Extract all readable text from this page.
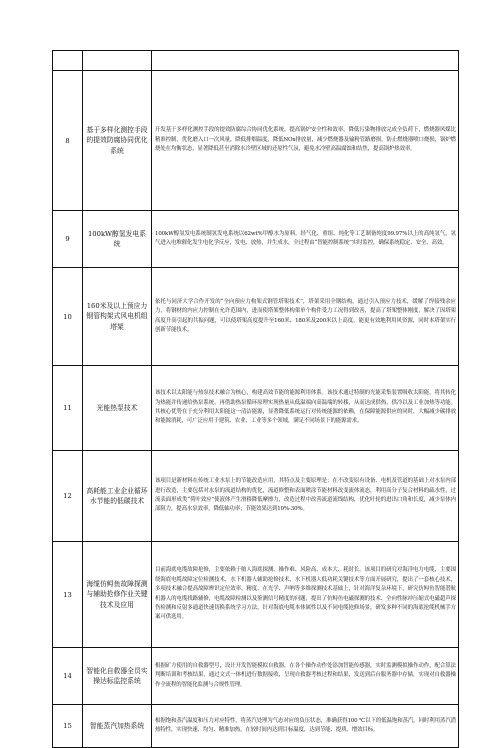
8	基于多样化测控手段的提效防腐协同优化系统	开发基于多样化测控手段的提效防腐综合协同优化系统，提高锅炉安全性和效率，降低污染物排放完成全负荷下，燃烧器风煤比精准控制，优化磨入口一次风量，降低排烟温度，降低NOx排放量，减少燃烧器及输粉管路磨损，防止燃烧器喷口烧损，锅炉燃烧处在均衡状态，显著降低甚至消除水冷壁区域的还原性气氛，避免水冷壁高温腐蚀和结焦，提高锅炉热效率。
9	100kW醇氢发电系统	100kW醇氢发电系统制氢发电系统以62wt%甲醇水为原料，经气化、重组、纯化等工艺制备纯度99.97%以上的高纯氢气，氢气进入电堆催化发生电化学反应，发电、放热，并生成水，全过程由“智能控制系统”实时监控，确保系统稳定、安全、高效。
10	160米及以上预应力钢管构架式风电机组塔架	依托与同济大学合作开发的“全向预应力构架式钢管塔架技术”，塔架采用全钢结构，通过引入预应力技术，缓解了焊接残余应力，将钢材的内应力控制在允许范围内，进而使塔架整体构架单个构件受力工况得到改善，提高了塔架整体刚度，解决了因塔架高度升高引起的共振问题，可以使塔架高度提升至160米、180米及200米以上高度，能更有效地利用风资源，同时本塔架实行创新节能技术。
11	光能热泵技术	该技术以太阳能与热泵技术融合为核心，构建高效节能的能源利用体系。该技术通过特制的光能采集装置吸收太阳能，将其转化为热能并传递给热泵系统，再借助热泵循环原理实现热量从低温端向高温端的转移，从而达成供热、供冷以及工业加热等功能。其核心优势在于充分利用太阳能这一清洁能源，显著降低系统运行对传统能源的依赖，在保障能源供应的同时，大幅减少碳排放和能源消耗，可广泛应用于建筑、农业、工业等多个领域，满足不同场景下的能源需求。
12	高耗能工业企业循环水节能的低碳技术	该项目是新材料在传统工业水泵上的节能改造应用，其特点及主要原理是：在不改变原有设备、电机及管道的基础上对水泵内部进行改造，主要包括对水泵的流道结构的优化，流道修整和表面喷涂节能材料改变流体流态，利用高分子复合材料的疏水性，过流表面形成类“荷叶效应”使液体产生滑移降低摩擦力，改造过程中改善流道流线结构，优化叶轮的进出口角和长度，减少泵体内部阻力，提高水泵效率，降低轴功率；节能效果达到10%-30%。
13	海缆仿鲟鱼故障探测与辅助抢修作业关键技术及应用	目前海底电缆故障抢修，主要依赖于舶人海底探测、操作难、风险高、成本大、耗时长。该项目的研究对海洋电力电缆，主要围绕海底电缆故障定位检测技术，水下机器人辅助抢修技术，水下机器人低功耗关键技术等方面开展研究，提出了一套核心技术，多项技术融合提高故障辨识定位效率、精度、在光学、声呐等多维探测技术基础上，针对海洋复杂环境下，研究仿鲟鱼智能潜航机器人的电缆找路辅修，电缆故障检测以及鉴测信号精度的问题，提出了仿鲟鱼电磁探测的技术、全向性脉冲压缩式电磁超声探伤检测和反射多通道快速切换系统学习方法，针对海底电缆本体属性以及不同电缆抢修场景，研发多种不同的海底抢缆机械手方案可供选用。
14	智能化自救器全员实操达标监控系统	根据矿方使用的自救器型号，设计开发智能模拟自救器，在各个操作动作处添加智能传感器，实时监测模拟操作动作，配合算法判断培训和考核结果，通过文式一体机进行数据接收，呈现自救器考核过程和结果，发送到后台服务器中存储，实现对自救器操作全流程的智能化监测与合规性管理。
15	智能蒸汽加热系统	根据饱和蒸汽温度和压力对应特性，将蒸汽处理为气态对应的负压状态，准确获得100 ℃以下的低温饱和蒸汽，同时利用蒸汽潜热特性，实现快速、均匀、精准加热，在较时间内达到目标温度，达到节能、提质、增效目标。
